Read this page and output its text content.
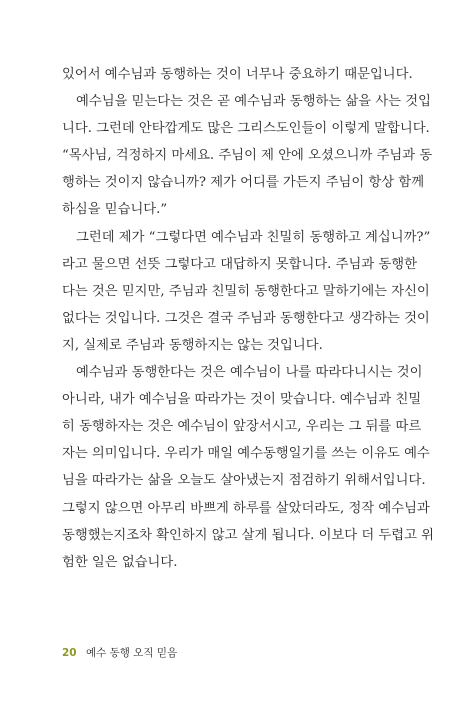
있어서 예수님과 동행하는 것이 너무나 중요하기 때문입니다.
예수님을 믿는다는 것은 곧 예수님과 동행하는 삶을 사는 것입
니다. 그런데 안타깝게도 많은 그리스도인들이 이렇게 말합니다.
“목사님, 걱정하지 마세요. 주님이 제 안에 오셨으니까 주님과 동
행하는 것이지 않습니까? 제가 어디를 가든지 주님이 항상 함께
하심을 믿습니다.”
그런데 제가 “그렇다면 예수님과 친밀히 동행하고 계십니까?”
라고 물으면 선뜻 그렇다고 대답하지 못합니다. 주님과 동행한
다는 것은 믿지만, 주님과 친밀히 동행한다고 말하기에는 자신이
없다는 것입니다. 그것은 결국 주님과 동행한다고 생각하는 것이
지, 실제로 주님과 동행하지는 않는 것입니다.
예수님과 동행한다는 것은 예수님이 나를 따라다니시는 것이
아니라, 내가 예수님을 따라가는 것이 맞습니다. 예수님과 친밀
히 동행하자는 것은 예수님이 앞장서시고, 우리는 그 뒤를 따르
자는 의미입니다. 우리가 매일 예수동행일기를 쓰는 이유도 예수
님을 따라가는 삶을 오늘도 살아냈는지 점검하기 위해서입니다.
그렇지 않으면 아무리 바쁘게 하루를 살았더라도, 정작 예수님과
동행했는지조차 확인하지 않고 살게 됩니다. 이보다 더 두렵고 위
험한 일은 없습니다.
20 예수 동행 오직 믿음
